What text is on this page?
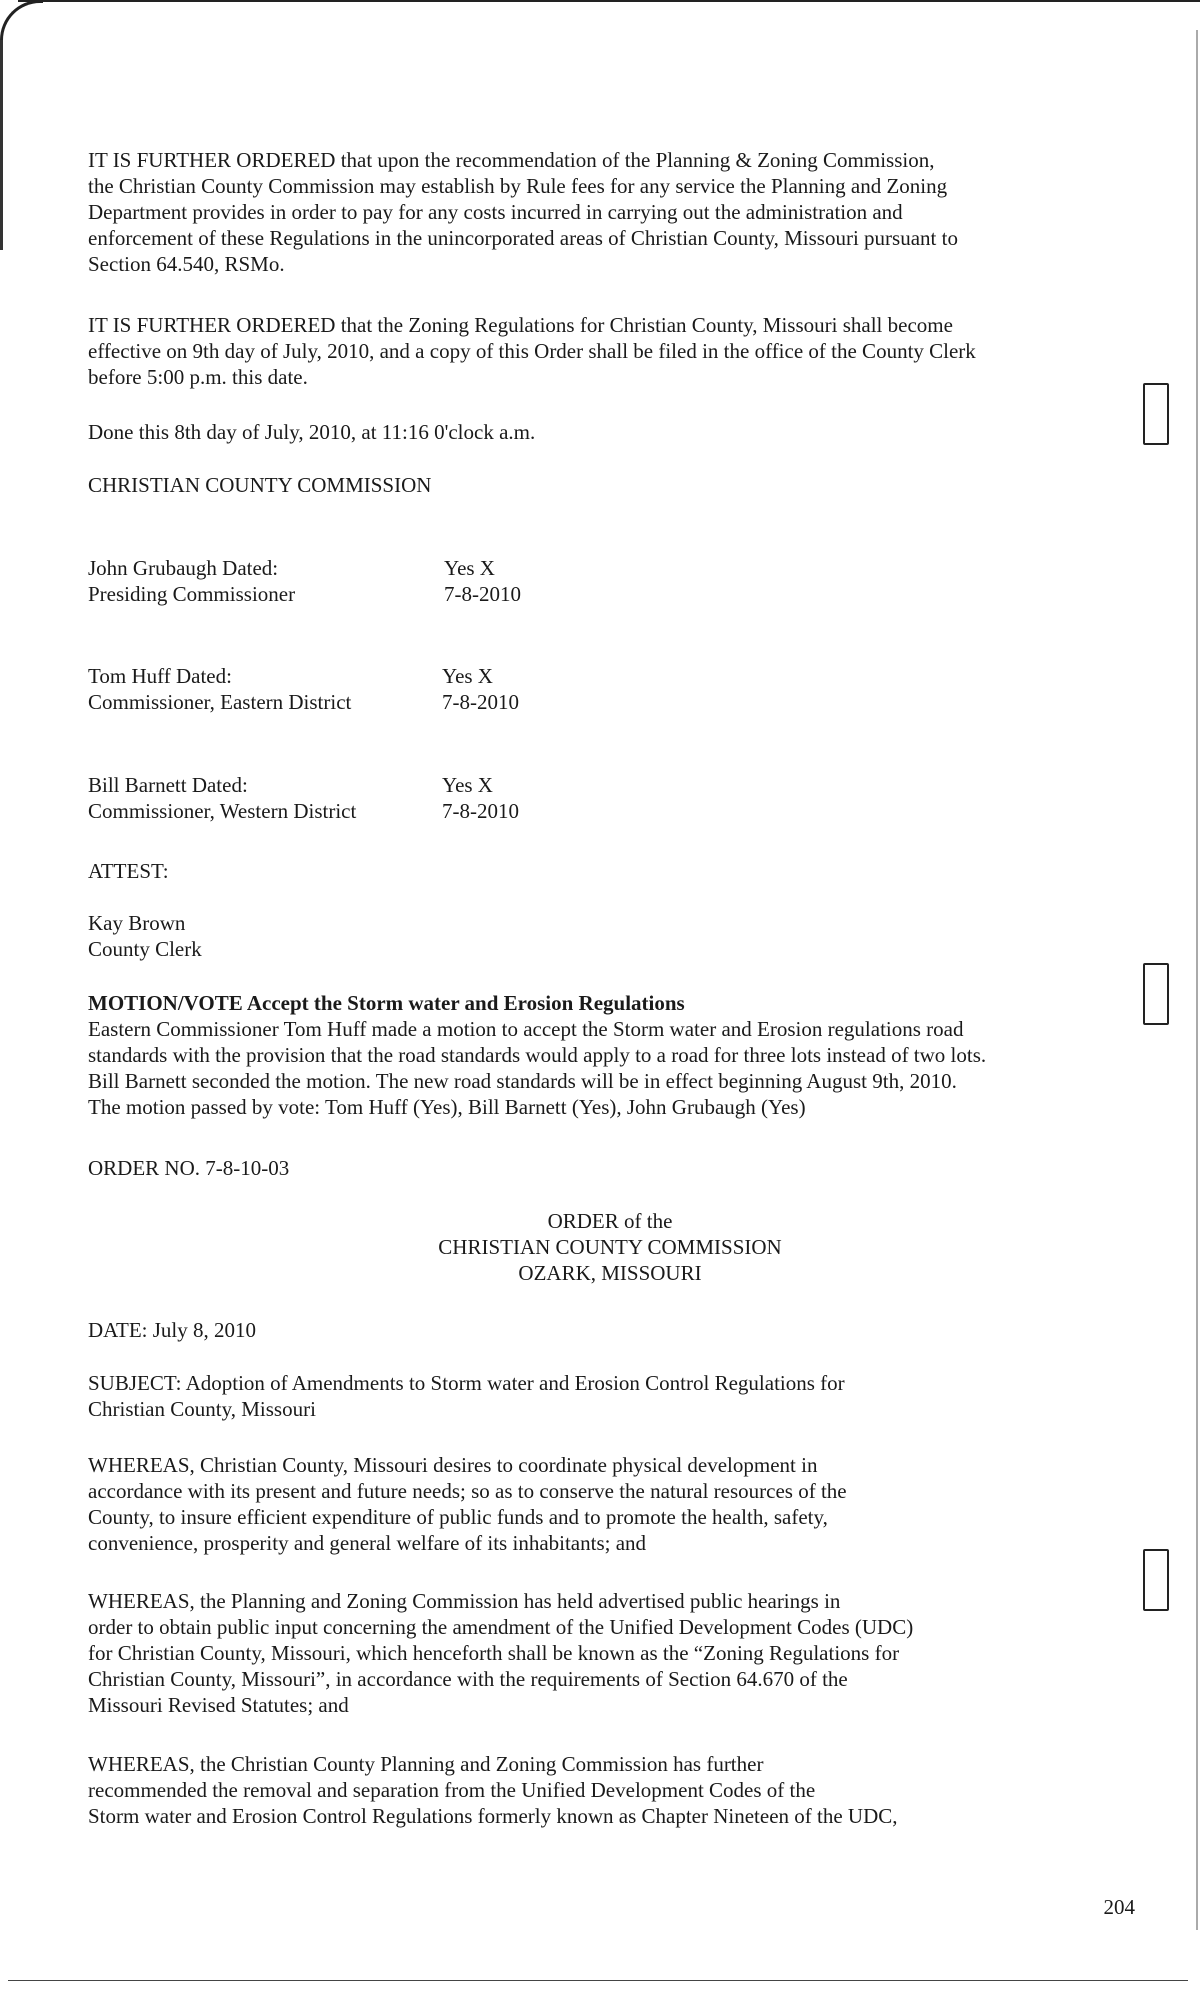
IT IS FURTHER ORDERED that upon the recommendation of the Planning & Zoning Commission,
the Christian County Commission may establish by Rule fees for any service the Planning and Zoning
Department provides in order to pay for any costs incurred in carrying out the administration and
enforcement of these Regulations in the unincorporated areas of Christian County, Missouri pursuant to
Section 64.540, RSMo.
IT IS FURTHER ORDERED that the Zoning Regulations for Christian County, Missouri shall become
effective on 9th day of July, 2010, and a copy of this Order shall be filed in the office of the County Clerk
before 5:00 p.m. this date.
Done this 8th day of July, 2010, at 11:16 0'clock a.m.
CHRISTIAN COUNTY COMMISSION
John Grubaugh Dated:
Presiding Commissioner
Yes X
7-8-2010
Tom Huff Dated:
Commissioner, Eastern District
Yes X
7-8-2010
Bill Barnett Dated:
Commissioner, Western District
Yes X
7-8-2010
ATTEST:
Kay Brown
County Clerk
MOTION/VOTE Accept the Storm water and Erosion Regulations
Eastern Commissioner Tom Huff made a motion to accept the Storm water and Erosion regulations road
standards with the provision that the road standards would apply to a road for three lots instead of two lots.
Bill Barnett seconded the motion. The new road standards will be in effect beginning August 9th, 2010.
The motion passed by vote: Tom Huff (Yes), Bill Barnett (Yes), John Grubaugh (Yes)
ORDER NO. 7-8-10-03
ORDER of the
CHRISTIAN COUNTY COMMISSION
OZARK, MISSOURI
DATE: July 8, 2010
SUBJECT: Adoption of Amendments to Storm water and Erosion Control Regulations for
Christian County, Missouri
WHEREAS, Christian County, Missouri desires to coordinate physical development in
accordance with its present and future needs; so as to conserve the natural resources of the
County, to insure efficient expenditure of public funds and to promote the health, safety,
convenience, prosperity and general welfare of its inhabitants; and
WHEREAS, the Planning and Zoning Commission has held advertised public hearings in
order to obtain public input concerning the amendment of the Unified Development Codes (UDC)
for Christian County, Missouri, which henceforth shall be known as the “Zoning Regulations for
Christian County, Missouri”, in accordance with the requirements of Section 64.670 of the
Missouri Revised Statutes; and
WHEREAS, the Christian County Planning and Zoning Commission has further
recommended the removal and separation from the Unified Development Codes of the
Storm water and Erosion Control Regulations formerly known as Chapter Nineteen of the UDC,
204
